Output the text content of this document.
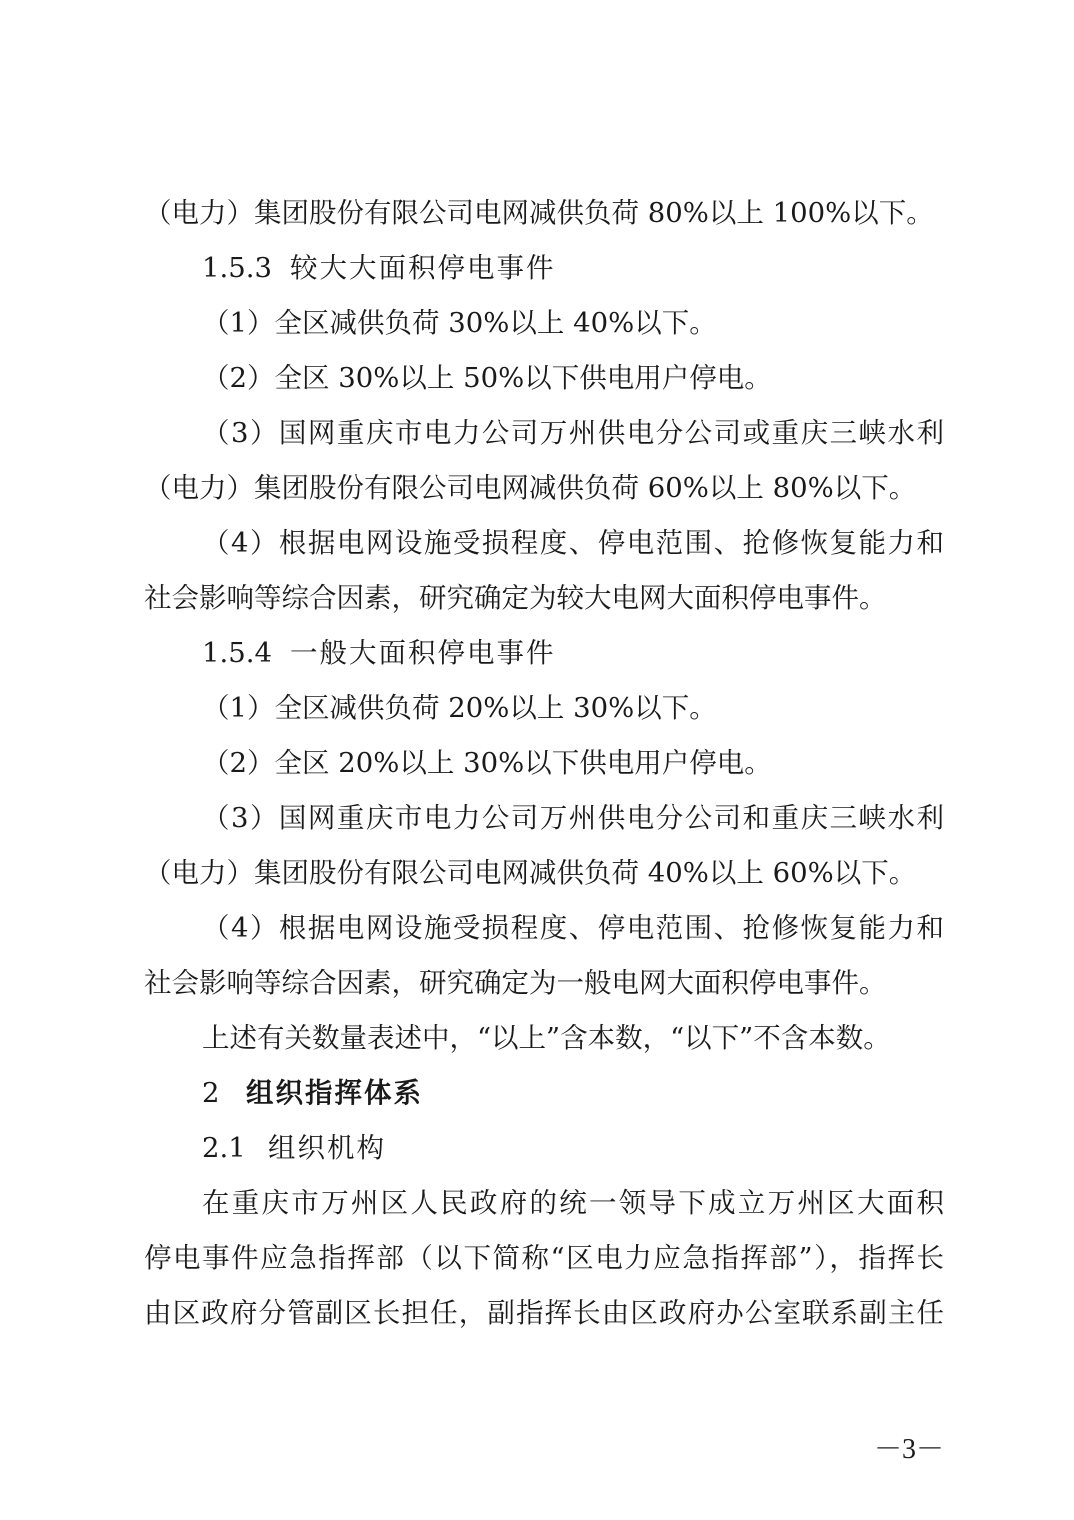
（电力）集团股份有限公司电网减供负荷 80%以上 100%以下。
1.5.3 较大大面积停电事件
（1）全区减供负荷 30%以上 40%以下。
（2）全区 30%以上 50%以下供电用户停电。
（3）国网重庆市电力公司万州供电分公司或重庆三峡水利
（电力）集团股份有限公司电网减供负荷 60%以上 80%以下。
（4）根据电网设施受损程度、停电范围、抢修恢复能力和
社会影响等综合因素，研究确定为较大电网大面积停电事件。
1.5.4 一般大面积停电事件
（1）全区减供负荷 20%以上 30%以下。
（2）全区 20%以上 30%以下供电用户停电。
（3）国网重庆市电力公司万州供电分公司和重庆三峡水利
（电力）集团股份有限公司电网减供负荷 40%以上 60%以下。
（4）根据电网设施受损程度、停电范围、抢修恢复能力和
社会影响等综合因素，研究确定为一般电网大面积停电事件。
上述有关数量表述中，“以上”含本数，“以下”不含本数。
2 组织指挥体系
2.1 组织机构
在重庆市万州区人民政府的统一领导下成立万州区大面积
停电事件应急指挥部（以下简称“区电力应急指挥部”），指挥长
由区政府分管副区长担任，副指挥长由区政府办公室联系副主任
－3－
